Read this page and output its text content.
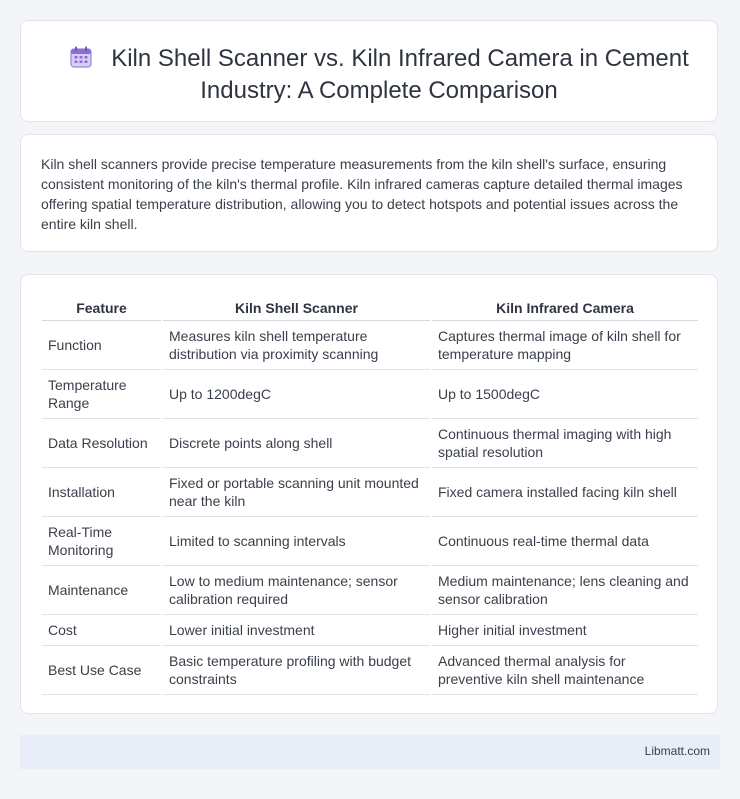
Kiln Shell Scanner vs. Kiln Infrared Camera in Cement Industry: A Complete Comparison

Kiln shell scanners provide precise temperature measurements from the kiln shell's surface, ensuring consistent monitoring of the kiln's thermal profile. Kiln infrared cameras capture detailed thermal images offering spatial temperature distribution, allowing you to detect hotspots and potential issues across the entire kiln shell.

Feature	Kiln Shell Scanner	Kiln Infrared Camera
Function	Measures kiln shell temperature distribution via proximity scanning	Captures thermal image of kiln shell for temperature mapping
Temperature Range	Up to 1200degC	Up to 1500degC
Data Resolution	Discrete points along shell	Continuous thermal imaging with high spatial resolution
Installation	Fixed or portable scanning unit mounted near the kiln	Fixed camera installed facing kiln shell
Real-Time Monitoring	Limited to scanning intervals	Continuous real-time thermal data
Maintenance	Low to medium maintenance; sensor calibration required	Medium maintenance; lens cleaning and sensor calibration
Cost	Lower initial investment	Higher initial investment
Best Use Case	Basic temperature profiling with budget constraints	Advanced thermal analysis for preventive kiln shell maintenance
Libmatt.com
